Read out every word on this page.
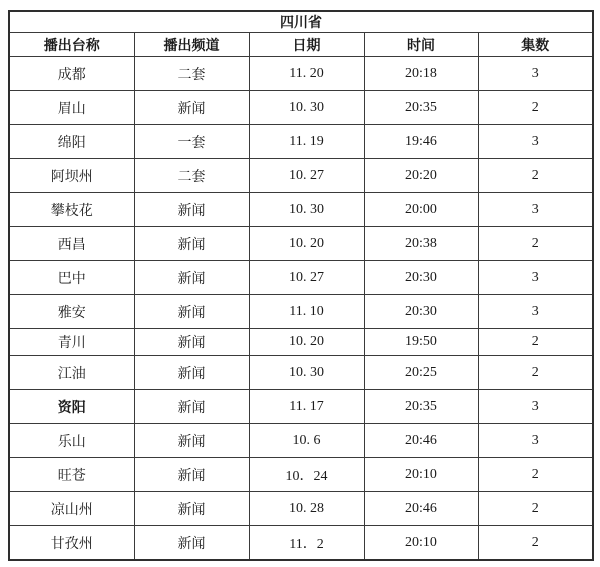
四川省				
播出台称	播出频道	日期	时间	集数
成都	二套	11. 20	20:18	3
眉山	新闻	10. 30	20:35	2
绵阳	一套	11. 19	19:46	3
阿坝州	二套	10. 27	20:20	2
攀枝花	新闻	10. 30	20:00	3
西昌	新闻	10. 20	20:38	2
巴中	新闻	10. 27	20:30	3
雅安	新闻	11. 10	20:30	3
青川	新闻	10. 20	19:50	2
江油	新闻	10. 30	20:25	2
资阳	新闻	11. 17	20:35	3
乐山	新闻	10. 6	20:46	3
旺苍	新闻	10．24	20:10	2
凉山州	新闻	10. 28	20:46	2
甘孜州	新闻	11．2	20:10	2
